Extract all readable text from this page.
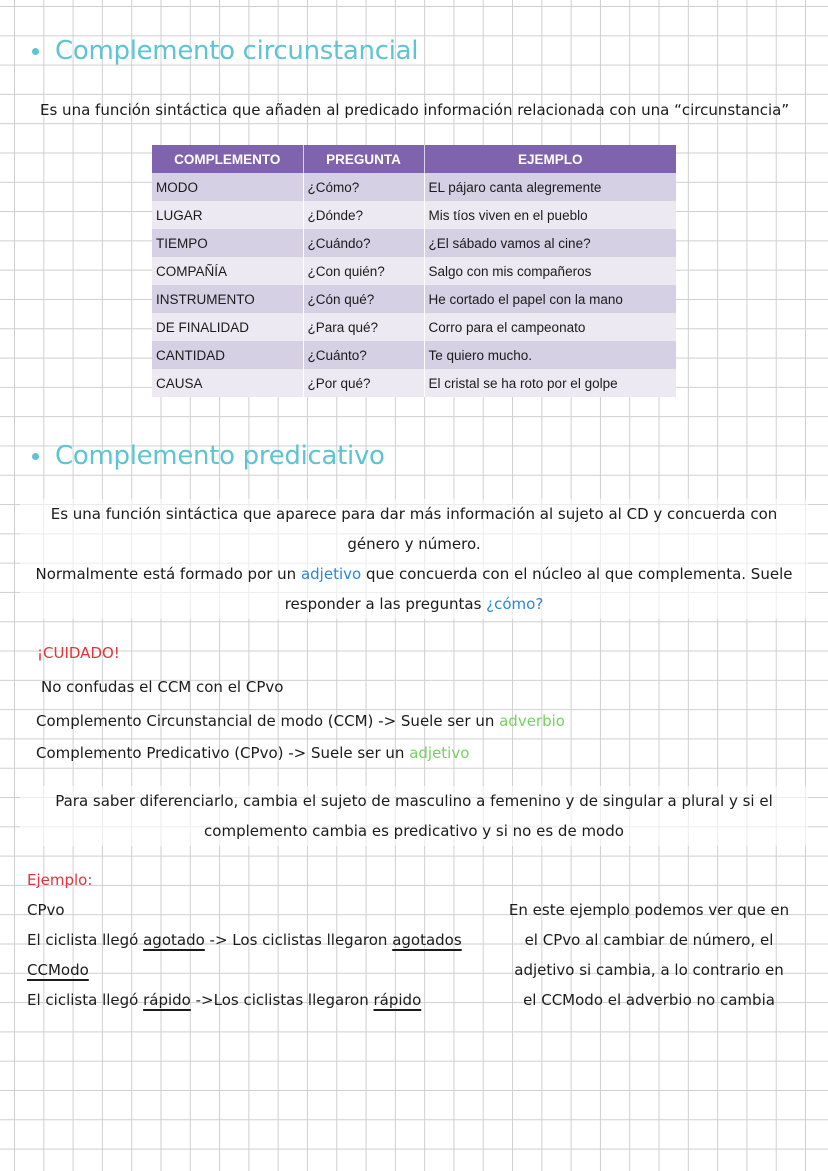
Complemento circunstancial
Es una función sintáctica que añaden al predicado información relacionada con una “circunstancia”
COMPLEMENTO	PREGUNTA	EJEMPLO
MODO	¿Cómo?	EL pájaro canta alegremente
LUGAR	¿Dónde?	Mis tíos viven en el pueblo
TIEMPO	¿Cuándo?	¿El sábado vamos al cine?
COMPAÑÍA	¿Con quién?	Salgo con mis compañeros
INSTRUMENTO	¿Cón qué?	He cortado el papel con la mano
DE FINALIDAD	¿Para qué?	Corro para el campeonato
CANTIDAD	¿Cuánto?	Te quiero mucho.
CAUSA	¿Por qué?	El cristal se ha roto por el golpe
Complemento predicativo
Es una función sintáctica que aparece para dar más información al sujeto al CD y concuerda con
género y número.
Normalmente está formado por un adjetivo que concuerda con el núcleo al que complementa. Suele
responder a las preguntas ¿cómo?
¡CUIDADO!
No confudas el CCM con el CPvo
Complemento Circunstancial de modo (CCM) -> Suele ser un adverbio
Complemento Predicativo (CPvo) -> Suele ser un adjetivo
Para saber diferenciarlo, cambia el sujeto de masculino a femenino y de singular a plural y si el
complemento cambia es predicativo y si no es de modo
Ejemplo:
CPvo
El ciclista llegó agotado -> Los ciclistas llegaron agotados
CCModo
El ciclista llegó rápido ->Los ciclistas llegaron rápido
En este ejemplo podemos ver que en
el CPvo al cambiar de número, el
adjetivo si cambia, a lo contrario en
el CCModo el adverbio no cambia
